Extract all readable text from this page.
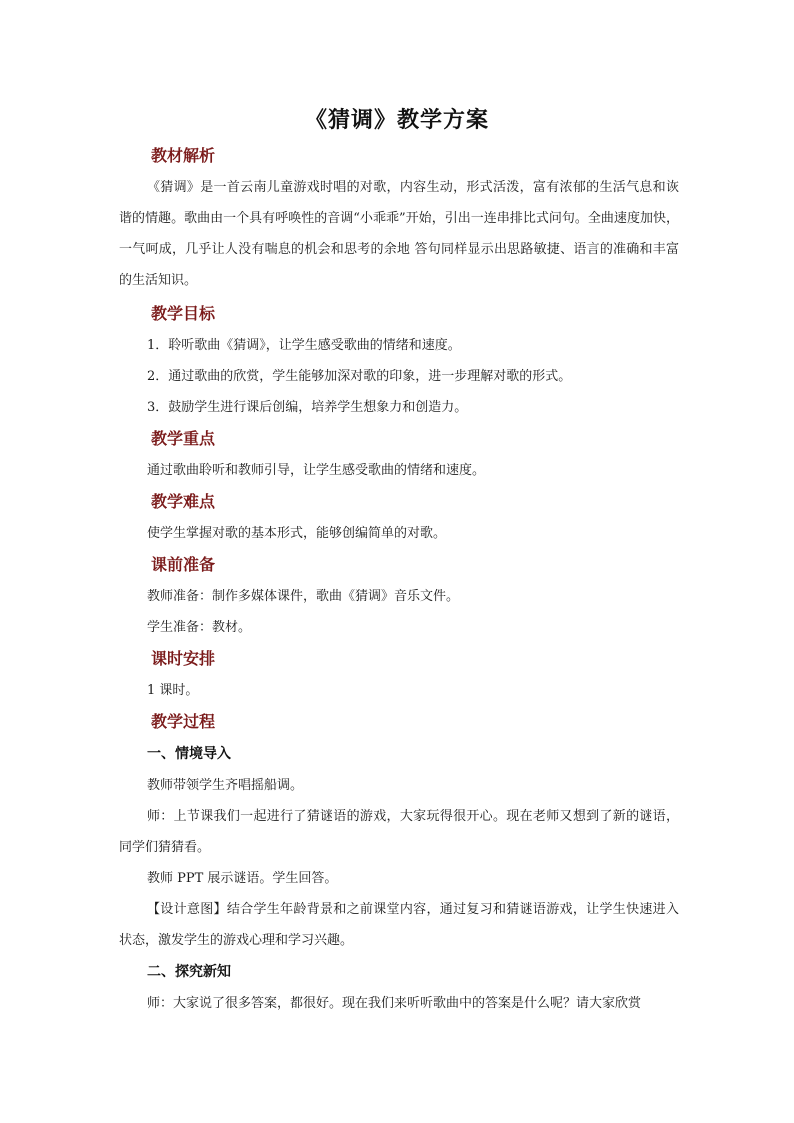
《猜调》教学方案
教材解析

《猜调》是一首云南儿童游戏时唱的对歌，内容生动，形式活泼，富有浓郁的生活气息和诙谐的情趣。歌曲由一个具有呼唤性的音调“小乖乖”开始，引出一连串排比式问句。全曲速度加快，一气呵成，几乎让人没有喘息的机会和思考的余地 答句同样显示出思路敏捷、语言的准确和丰富的生活知识。

教学目标

1．聆听歌曲《猜调》，让学生感受歌曲的情绪和速度。

2．通过歌曲的欣赏，学生能够加深对歌的印象，进一步理解对歌的形式。

3．鼓励学生进行课后创编，培养学生想象力和创造力。

教学重点

通过歌曲聆听和教师引导，让学生感受歌曲的情绪和速度。

教学难点

使学生掌握对歌的基本形式，能够创编简单的对歌。

课前准备

教师准备：制作多媒体课件，歌曲《猜调》音乐文件。

学生准备：教材。

课时安排

1 课时。

教学过程
一、情境导入

教师带领学生齐唱摇船调。

师：上节课我们一起进行了猜谜语的游戏，大家玩得很开心。现在老师又想到了新的谜语，同学们猜猜看。

教师 PPT 展示谜语。学生回答。

【设计意图】结合学生年龄背景和之前课堂内容，通过复习和猜谜语游戏，让学生快速进入状态，激发学生的游戏心理和学习兴趣。

二、探究新知

师：大家说了很多答案，都很好。现在我们来听听歌曲中的答案是什么呢？请大家欣赏
